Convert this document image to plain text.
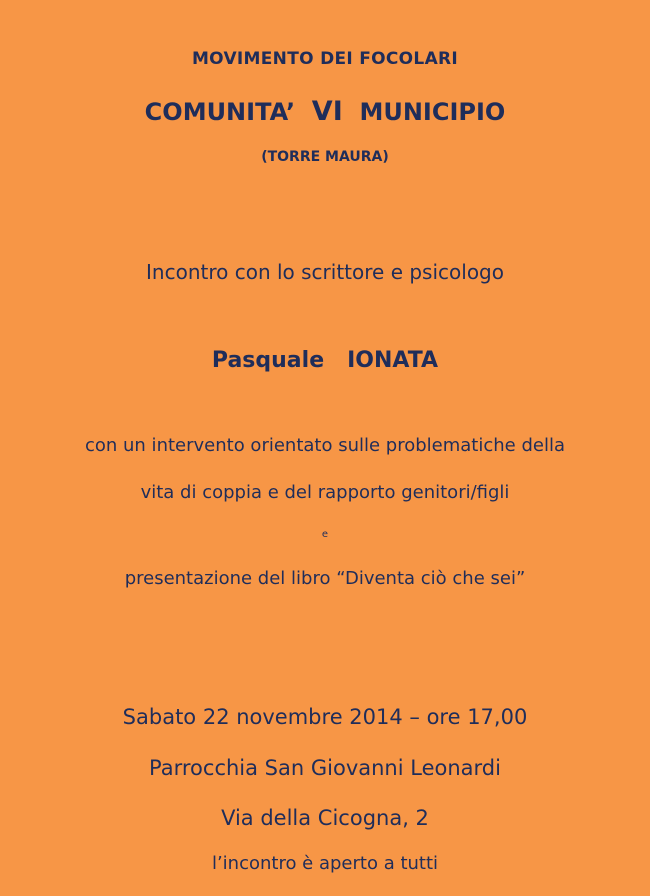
MOVIMENTO DEI FOCOLARI
COMUNITA’ VI MUNICIPIO
(TORRE MAURA)
Incontro con lo scrittore e psicologo
Pasquale IONATA
con un intervento orientato sulle problematiche della
vita di coppia e del rapporto genitori/figli
e
presentazione del libro “Diventa ciò che sei”
Sabato 22 novembre 2014 – ore 17,00
Parrocchia San Giovanni Leonardi
Via della Cicogna, 2
l’incontro è aperto a tutti
